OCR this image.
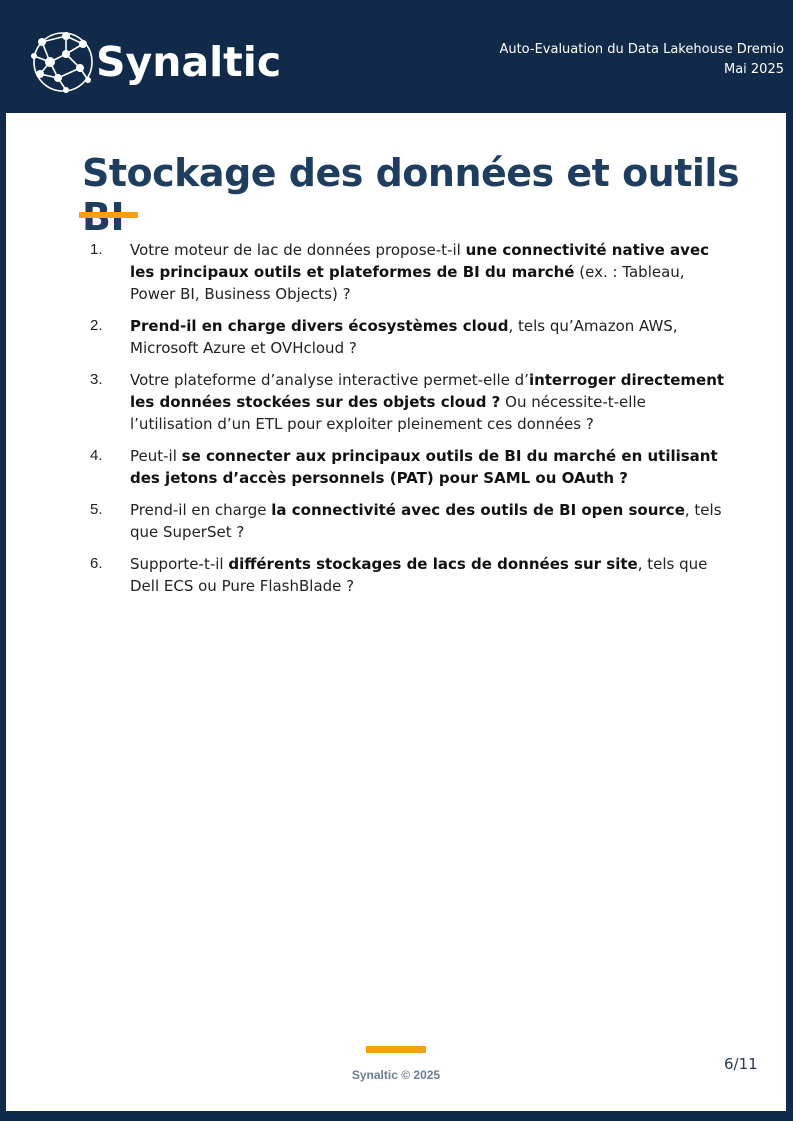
Synaltic	Auto-Evaluation du Data Lakehouse Dremio
Mai 2025
Stockage des données et outils
1.	Votre moteur de lac de données propose-t-il une connectivité native avec les principaux outils et plateformes de BI du marché (ex. : Tableau, Power BI, Business Objects) ?
2.	Prend-il en charge divers écosystèmes cloud, tels qu’Amazon AWS, Microsoft Azure et OVHcloud ?
3.	Votre plateforme d’analyse interactive permet-elle d’interroger directement les données stockées sur des objets cloud ? Ou nécessite-t-elle l’utilisation d’un ETL pour exploiter pleinement ces données ?
4.	Peut-il se connecter aux principaux outils de BI du marché en utilisant des jetons d’accès personnels (PAT) pour SAML ou OAuth ?
5.	Prend-il en charge la connectivité avec des outils de BI open source, tels que SuperSet ?
6.	Supporte-t-il différents stockages de lacs de données sur site, tels que Dell ECS ou Pure FlashBlade ?
Synaltic © 2025
6/11
